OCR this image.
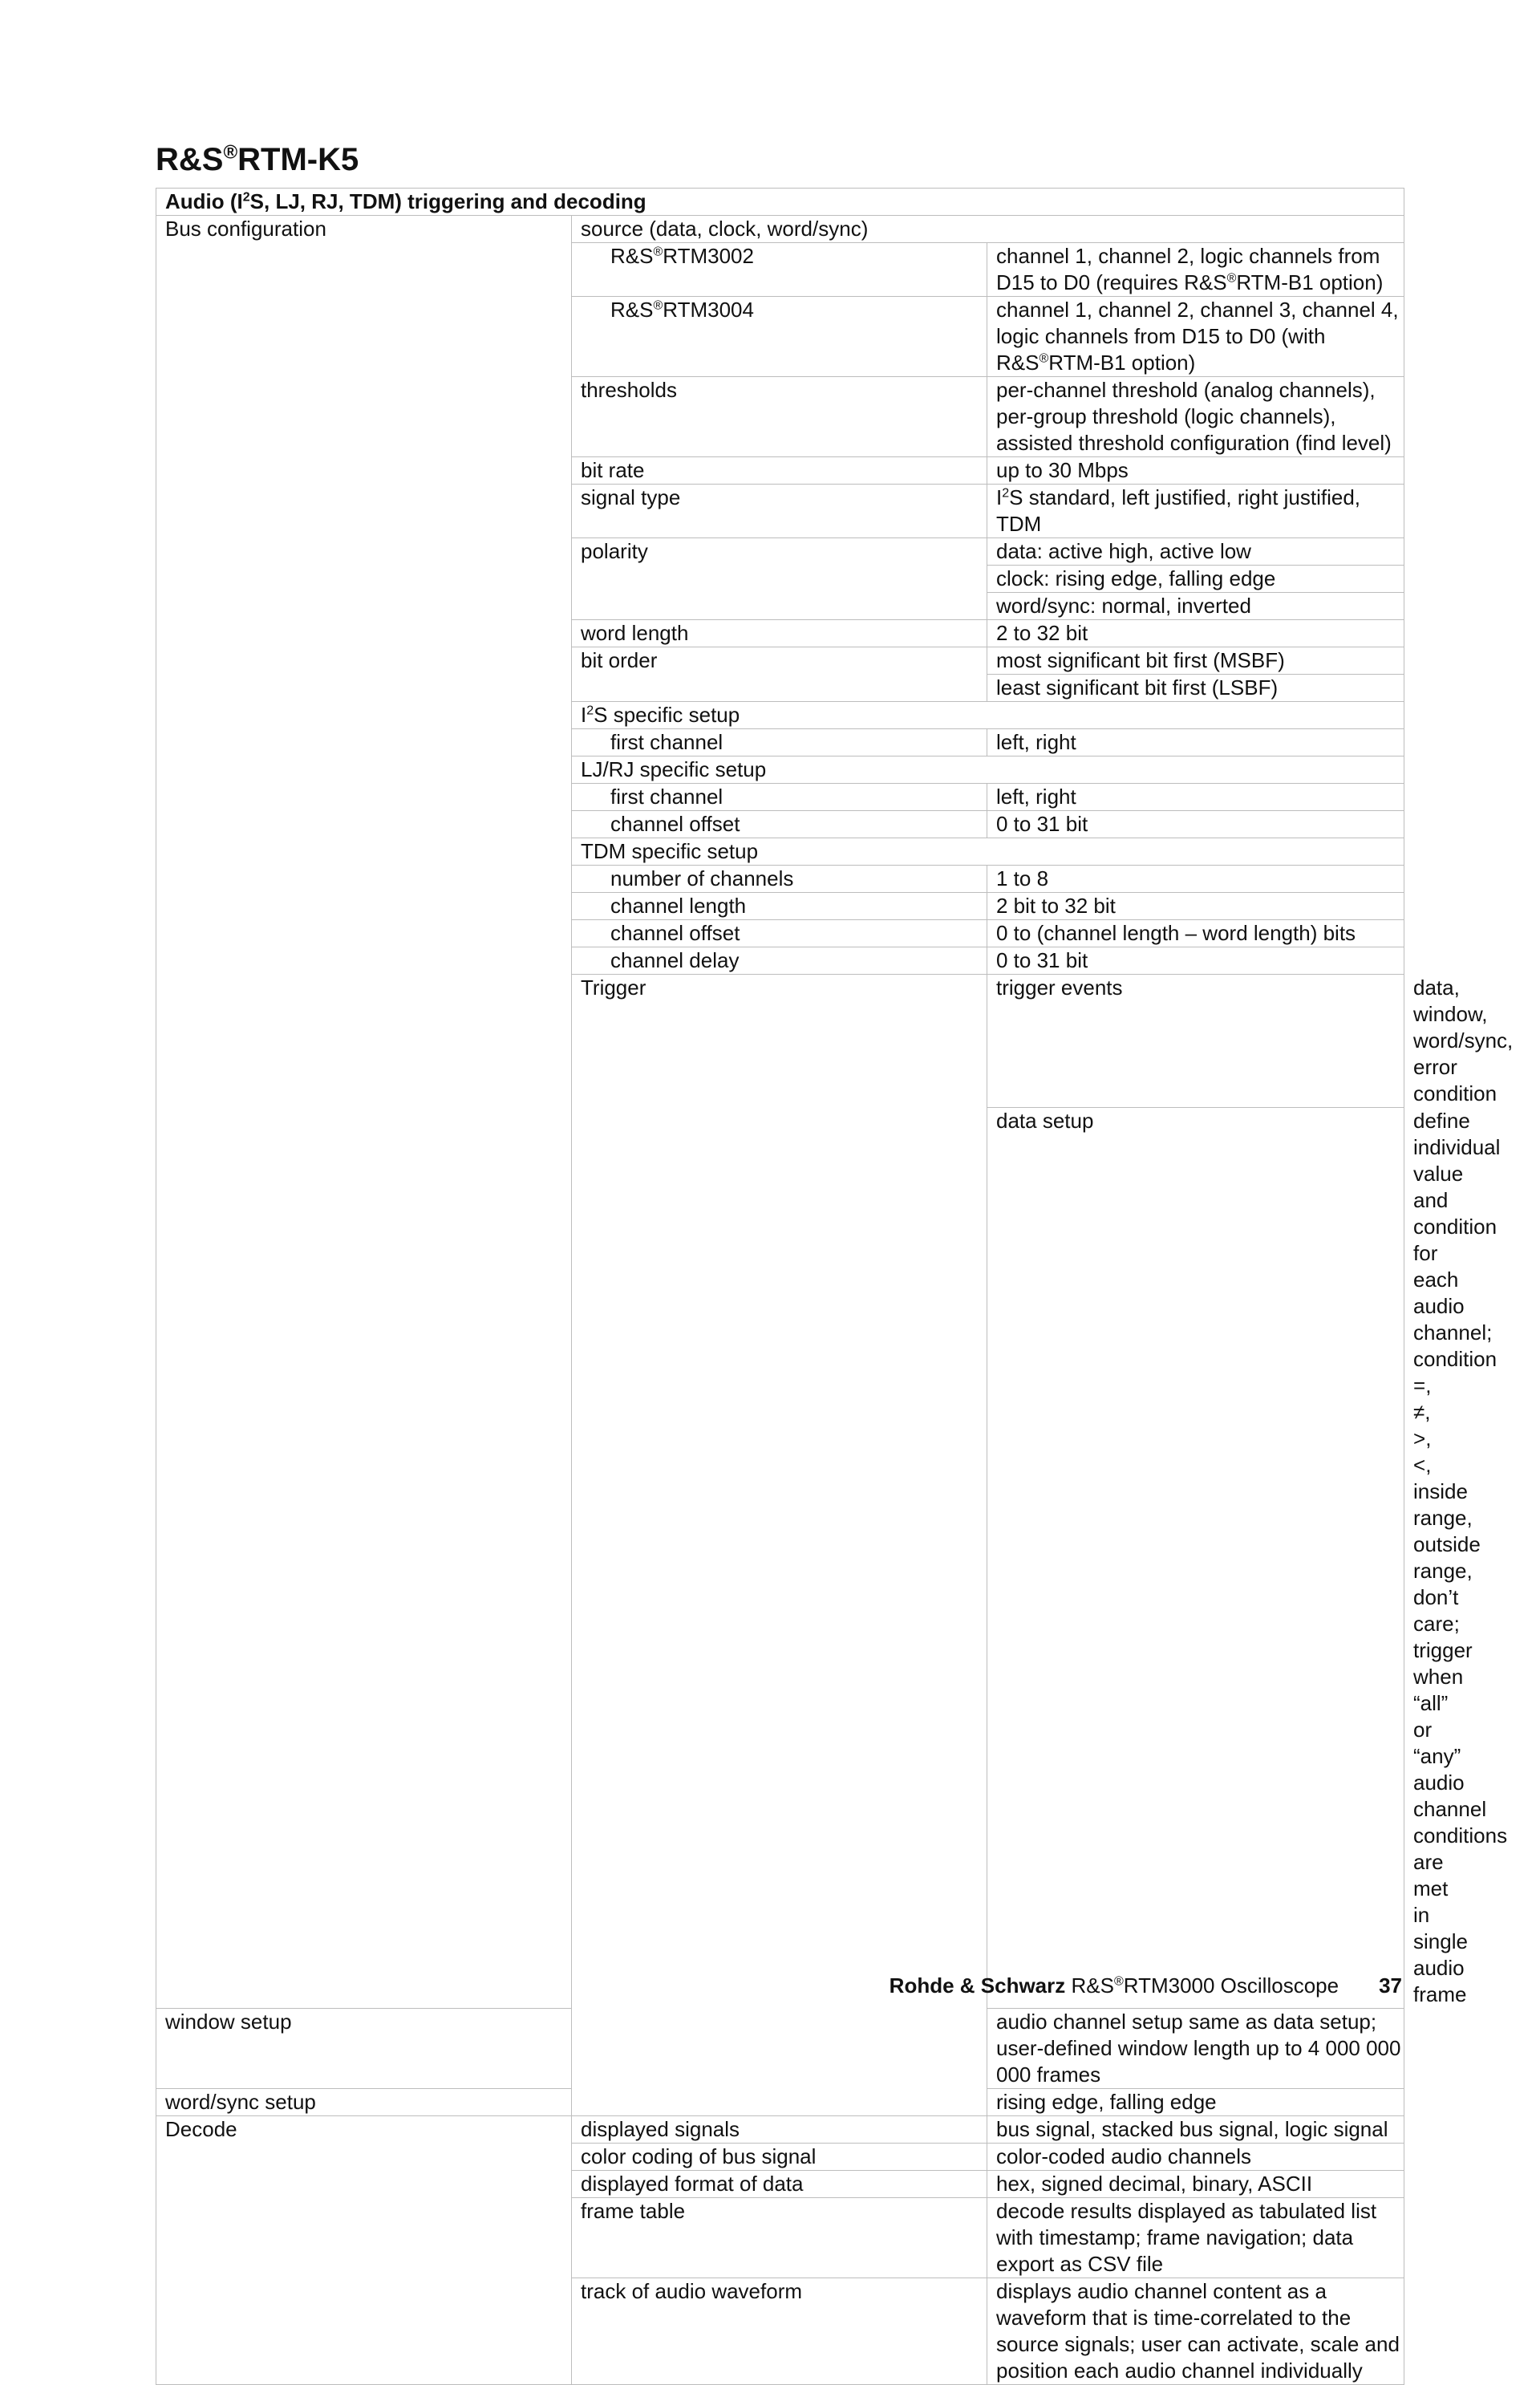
R&S®RTM-K5
Audio ($I^2S$, LJ, RJ, TDM) triggering and decoding			
Bus configuration	source (data, clock, word/sync)		
	R&S®RTM3002	channel 1, channel 2, logic channels from D15 to D0 (requires R&S®RTM-B1 option)	
	R&S®RTM3004	channel 1, channel 2, channel 3, channel 4, logic channels from D15 to D0 (with R&S®RTM-B1 option)	
	thresholds	per-channel threshold (analog channels), per-group threshold (logic channels), assisted threshold configuration (find level)	
	bit rate	up to 30 Mbps	
	signal type	$I^2S$ standard, left justified, right justified, TDM	
	polarity	data: active high, active low	
		clock: rising edge, falling edge	
		word/sync: normal, inverted	
	word length	2 to 32 bit	
	bit order	most significant bit first (MSBF)	
		least significant bit first (LSBF)	
	$I^2S$ specific setup		
	first channel	left, right	
	LJ/RJ specific setup		
	first channel	left, right	
	channel offset	0 to 31 bit	
	TDM specific setup		
	number of channels	1 to 8	
	channel length	2 bit to 32 bit	
	channel offset	0 to (channel length – word length) bits	
	channel delay	0 to 31 bit	
	Trigger	trigger events	data, window, word/sync, error condition
		data setup	define individual value and condition for each audio channel; condition =, ≠, >, <, inside range, outside range, don’t care; trigger when “all” or “any” audio channel conditions are met in single audio frame
window setup		audio channel setup same as data setup; user-defined window length up to 4 000 000 000 frames	
word/sync setup		rising edge, falling edge	
Decode	displayed signals	bus signal, stacked bus signal, logic signal	
	color coding of bus signal	color-coded audio channels	
	displayed format of data	hex, signed decimal, binary, ASCII	
	frame table	decode results displayed as tabulated list with timestamp; frame navigation; data export as CSV file	
	track of audio waveform	displays audio channel content as a waveform that is time-correlated to the source signals; user can activate, scale and position each audio channel individually	
Rohde & Schwarz R&S®RTM3000 Oscilloscope 37
